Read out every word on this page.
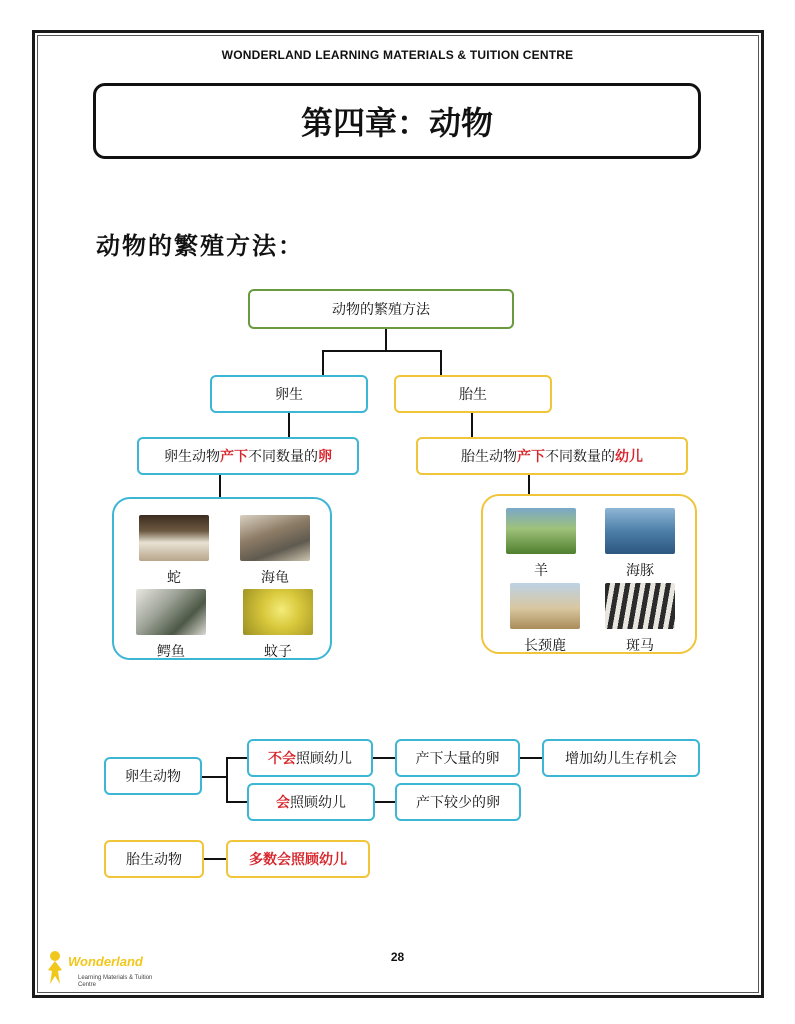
WONDERLAND LEARNING MATERIALS & TUITION CENTRE
第四章：动物
动物的繁殖方法：
动物的繁殖方法
卵生	胎生
卵生动物 产下 不同数量的 卵	胎生动物 产下 不同数量的 幼儿
蛇	海龟
鳄鱼	蚊子
羊	海豚
长颈鹿	斑马
卵生动物
不会 照顾幼儿	产下大量的卵	增加幼儿生存机会
会 照顾幼儿	产下较少的卵
胎生动物	多数会照顾幼儿
28
Wonderland
Learning Materials & Tuition Centre
